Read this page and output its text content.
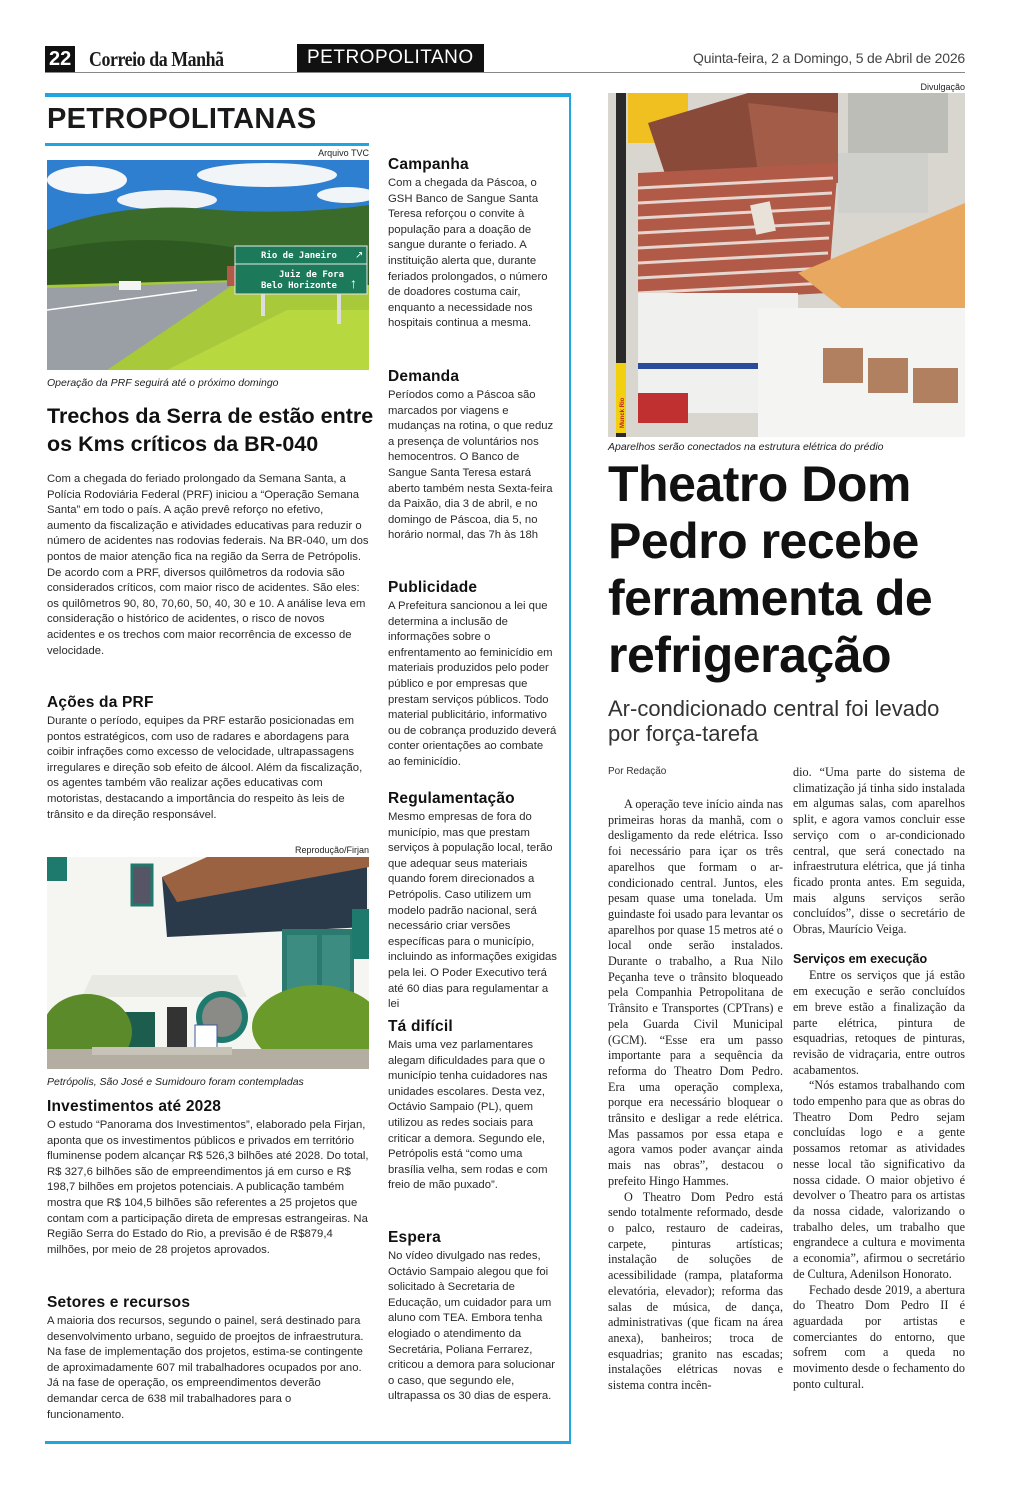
22 Correio da Manhã	PETROPOLITANO	Quinta-feira, 2 a Domingo, 5 de Abril de 2026
PETROPOLITANAS
Arquivo TVC
Rio de Janeiro ↗
Juiz de Fora
Belo Horizonte ↑
Operação da PRF seguirá até o próximo domingo
Trechos da Serra de estão entre os Kms críticos da BR-040

Com a chegada do feriado prolongado da Semana Santa, a Polícia Rodoviária Federal (PRF) iniciou a “Operação Semana Santa” em todo o país. A ação prevê reforço no efetivo, aumento da fiscalização e atividades educativas para reduzir o número de acidentes nas rodovias federais. Na BR-040, um dos pontos de maior atenção fica na região da Serra de Petrópolis. De acordo com a PRF, diversos quilômetros da rodovia são considerados críticos, com maior risco de acidentes. São eles: os quilômetros 90, 80, 70,60, 50, 40, 30 e 10. A análise leva em consideração o histórico de acidentes, o risco de novos acidentes e os trechos com maior recorrência de excesso de velocidade.

Ações da PRF

Durante o período, equipes da PRF estarão posicionadas em pontos estratégicos, com uso de radares e abordagens para coibir infrações como excesso de velocidade, ultrapassagens irregulares e direção sob efeito de álcool. Além da fiscalização, os agentes também vão realizar ações educativas com motoristas, destacando a importância do respeito às leis de trânsito e da direção responsável.

Reprodução/Firjan
Petrópolis, São José e Sumidouro foram contempladas
Investimentos até 2028

O estudo “Panorama dos Investimentos”, elaborado pela Firjan, aponta que os investimentos públicos e privados em território fluminense podem alcançar R$ 526,3 bilhões até 2028. Do total, R$ 327,6 bilhões são de empreendimentos já em curso e R$ 198,7 bilhões em projetos potenciais. A publicação também mostra que R$ 104,5 bilhões são referentes a 25 projetos que contam com a participação direta de empresas estrangeiras. Na Região Serra do Estado do Rio, a previsão é de R$879,4 milhões, por meio de 28 projetos aprovados.

Setores e recursos

A maioria dos recursos, segundo o painel, será destinado para desenvolvimento urbano, seguido de proejtos de infraestrutura. Na fase de implementação dos projetos, estima-se contingente de aproximadamente 607 mil trabalhadores ocupados por ano. Já na fase de operação, os empreendimentos deverão demandar cerca de 638 mil trabalhadores para o funcionamento.

Campanha

Com a chegada da Páscoa, o GSH Banco de Sangue Santa Teresa reforçou o convite à população para a doação de sangue durante o feriado. A instituição alerta que, durante feriados prolongados, o número de doadores costuma cair, enquanto a necessidade nos hospitais continua a mesma.

Demanda

Períodos como a Páscoa são marcados por viagens e mudanças na rotina, o que reduz a presença de voluntários nos hemocentros. O Banco de Sangue Santa Teresa estará aberto também nesta Sexta-feira da Paixão, dia 3 de abril, e no domingo de Páscoa, dia 5, no horário normal, das 7h às 18h

Publicidade

A Prefeitura sancionou a lei que determina a inclusão de informações sobre o enfrentamento ao feminicídio em materiais produzidos pelo poder público e por empresas que prestam serviços públicos. Todo material publicitário, informativo ou de cobrança produzido deverá conter orientações ao combate ao feminicídio.

Regulamentação

Mesmo empresas de fora do município, mas que prestam serviços à população local, terão que adequar seus materiais quando forem direcionados a Petrópolis. Caso utilizem um modelo padrão nacional, será necessário criar versões específicas para o município, incluindo as informações exigidas pela lei. O Poder Executivo terá até 60 dias para regulamentar a lei

Tá difícil

Mais uma vez parlamentares alegam dificuldades para que o município tenha cuidadores nas unidades escolares. Desta vez, Octávio Sampaio (PL), quem utilizou as redes sociais para criticar a demora. Segundo ele, Petrópolis está “como uma brasília velha, sem rodas e com freio de mão puxado”.

Espera

No vídeo divulgado nas redes, Octávio Sampaio alegou que foi solicitado à Secretaria de Educação, um cuidador para um aluno com TEA. Embora tenha elogiado o atendimento da Secretária, Poliana Ferrarez, criticou a demora para solucionar o caso, que segundo ele, ultrapassa os 30 dias de espera.

Divulgação
Munck Rio
Aparelhos serão conectados na estrutura elétrica do prédio
Theatro Dom Pedro recebe ferramenta de refrigeração

Ar-condicionado central foi levado por força-tarefa

Por Redação

A operação teve início ainda nas primeiras horas da manhã, com o desligamento da rede elétrica. Isso foi necessário para içar os três aparelhos que formam o ar-condicionado central. Juntos, eles pesam quase uma tonelada. Um guindaste foi usado para levantar os aparelhos por quase 15 metros até o local onde serão instalados. Durante o trabalho, a Rua Nilo Peçanha teve o trânsito bloqueado pela Companhia Petropolitana de Trânsito e Transportes (CPTrans) e pela Guarda Civil Municipal (GCM). “Esse era um passo importante para a sequência da reforma do Theatro Dom Pedro. Era uma operação complexa, porque era necessário bloquear o trânsito e desligar a rede elétrica. Mas passamos por essa etapa e agora vamos poder avançar ainda mais nas obras”, destacou o prefeito Hingo Hammes.

O Theatro Dom Pedro está sendo totalmente reformado, desde o palco, restauro de cadeiras, carpete, pinturas artísticas; instalação de soluções de acessibilidade (rampa, plataforma elevatória, elevador); reforma das salas de música, de dança, administrativas (que ficam na área anexa), banheiros; troca de esquadrias; granito nas escadas; instalações elétricas novas e sistema contra incên-

dio. “Uma parte do sistema de climatização já tinha sido instalada em algumas salas, com aparelhos split, e agora vamos concluir esse serviço com o ar-condicionado central, que será conectado na infraestrutura elétrica, que já tinha ficado pronta antes. Em seguida, mais alguns serviços serão concluídos”, disse o secretário de Obras, Maurício Veiga.

Serviços em execução

Entre os serviços que já estão em execução e serão concluídos em breve estão a finalização da parte elétrica, pintura de esquadrias, retoques de pinturas, revisão de vidraçaria, entre outros acabamentos.

“Nós estamos trabalhando com todo empenho para que as obras do Theatro Dom Pedro sejam concluídas logo e a gente possamos retomar as atividades nesse local tão significativo da nossa cidade. O maior objetivo é devolver o Theatro para os artistas da nossa cidade, valorizando o trabalho deles, um trabalho que engrandece a cultura e movimenta a economia”, afirmou o secretário de Cultura, Adenilson Honorato.

Fechado desde 2019, a abertura do Theatro Dom Pedro II é aguardada por artistas e comerciantes do entorno, que sofrem com a queda no movimento desde o fechamento do ponto cultural.
